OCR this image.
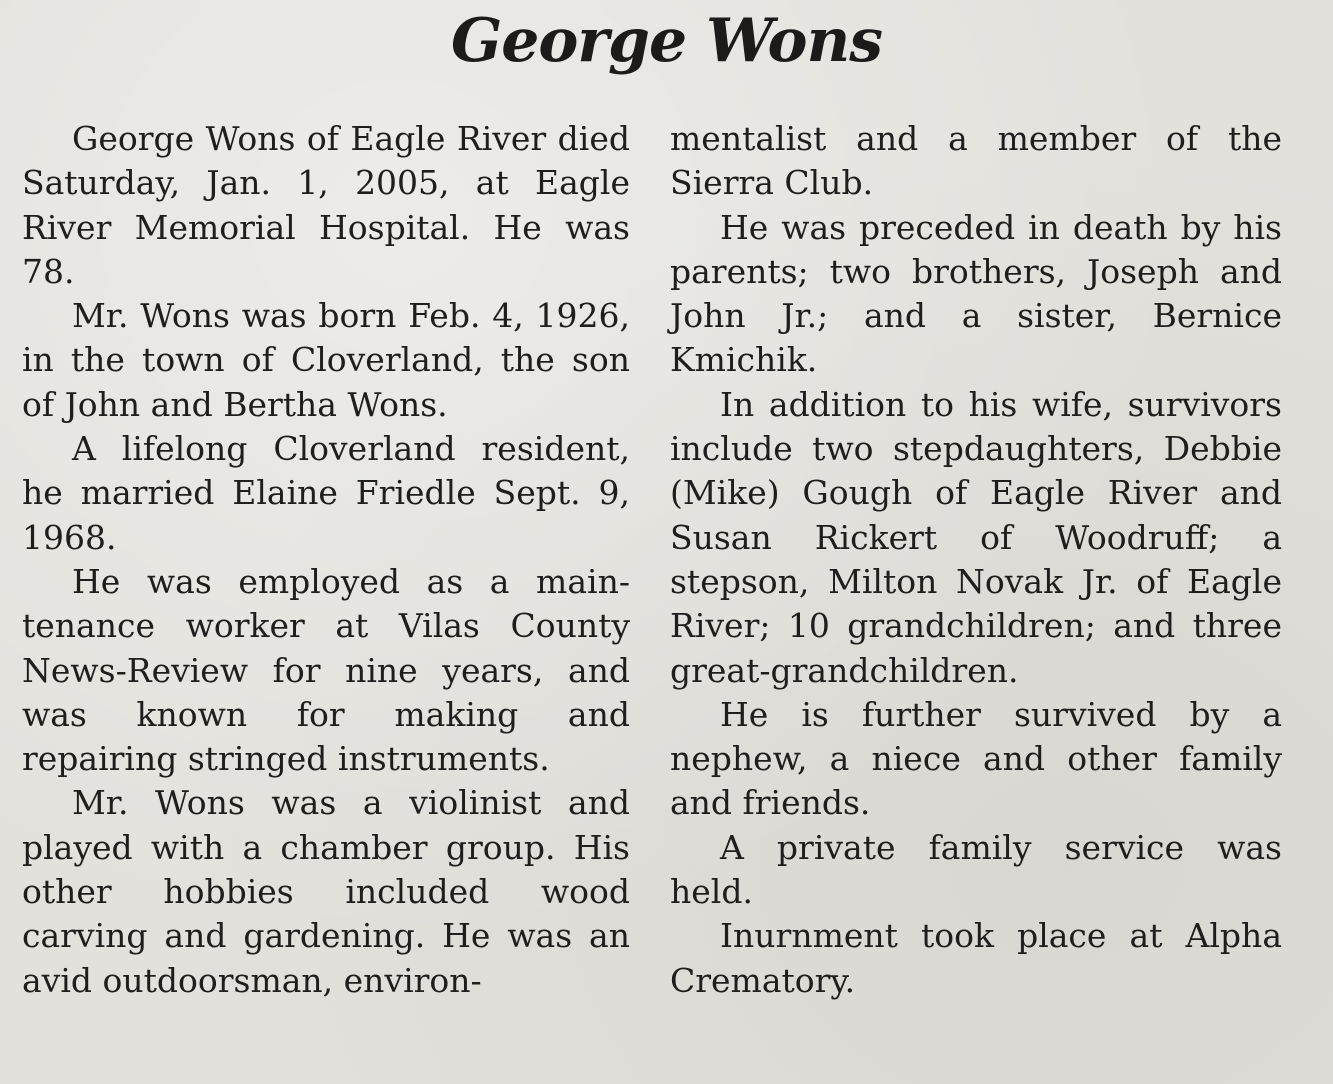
George Wons

George Wons of Eagle River died Saturday, Jan. 1, 2005, at Eagle River Memorial Hospital. He was 78.

Mr. Wons was born Feb. 4, 1926, in the town of Cloverland, the son of John and Bertha Wons.

A lifelong Cloverland resident, he married Elaine Friedle Sept. 9, 1968.

He was employed as a maintenance worker at Vilas County News-Review for nine years, and was known for making and repairing stringed instruments.

Mr. Wons was a violinist and played with a chamber group. His other hobbies included wood carving and gardening. He was an avid outdoorsman, environ-

mentalist and a member of the Sierra Club.

He was preceded in death by his parents; two brothers, Joseph and John Jr.; and a sister, Bernice Kmichik.

In addition to his wife, survivors include two stepdaughters, Debbie (Mike) Gough of Eagle River and Susan Rickert of Woodruff; a stepson, Milton Novak Jr. of Eagle River; 10 grandchildren; and three great-grandchildren.

He is further survived by a nephew, a niece and other family and friends.

A private family service was held.

Inurnment took place at Alpha Crematory.
